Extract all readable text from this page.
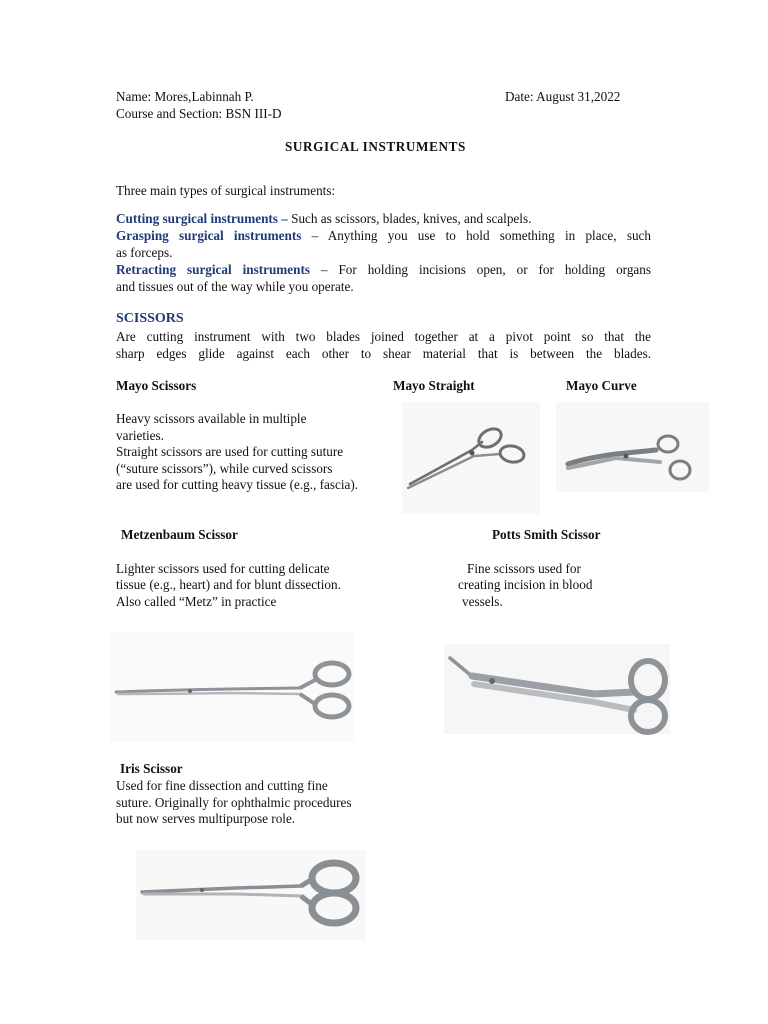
Name: Mores,Labinnah P.	Date: August 31,2022
Course and Section: BSN III-D
SURGICAL INSTRUMENTS
Three main types of surgical instruments:
Cutting surgical instruments – Such as scissors, blades, knives, and scalpels.
Grasping surgical instruments – Anything you use to hold something in place, such
as forceps.
Retracting surgical instruments – For holding incisions open, or for holding organs
and tissues out of the way while you operate.
SCISSORS
Are cutting instrument with two blades joined together at a pivot point so that the
sharp edges glide against each other to shear material that is between the blades.
Mayo Scissors	Mayo Straight	Mayo Curve
Heavy scissors available in multiple
varieties.
Straight scissors are used for cutting suture
(“suture scissors”), while curved scissors
are used for cutting heavy tissue (e.g., fascia).
Metzenbaum Scissor
Lighter scissors used for cutting delicate
tissue (e.g., heart) and for blunt dissection.
Also called “Metz” in practice
Potts Smith Scissor
Fine scissors used for
creating incision in blood
vessels.
Iris Scissor
Used for fine dissection and cutting fine
suture. Originally for ophthalmic procedures
but now serves multipurpose role.
